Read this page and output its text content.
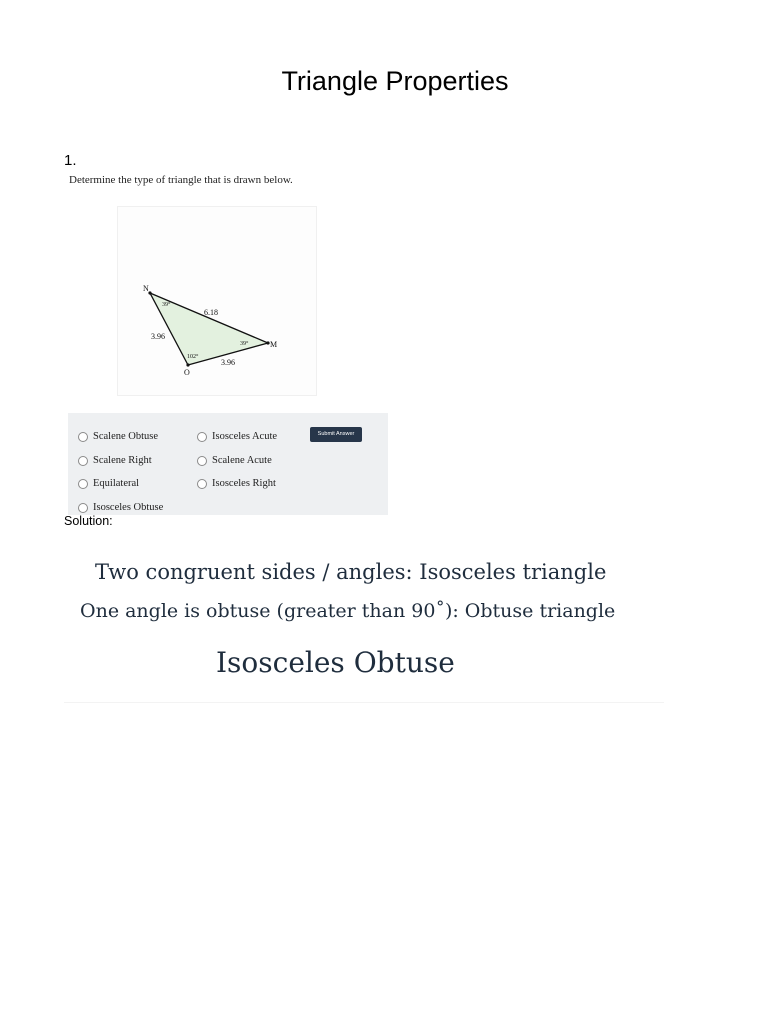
Triangle Properties
1.
Determine the type of triangle that is drawn below.
N
M
O
6.18
3.96
3.96
39°
39°
102°
Scalene Obtuse
Scalene Right
Equilateral
Isosceles Obtuse
Isosceles Acute
Scalene Acute
Isosceles Right
Submit Answer
Solution:
Two congruent sides / angles: Isosceles triangle
One angle is obtuse (greater than 90˚): Obtuse triangle
Isosceles Obtuse
